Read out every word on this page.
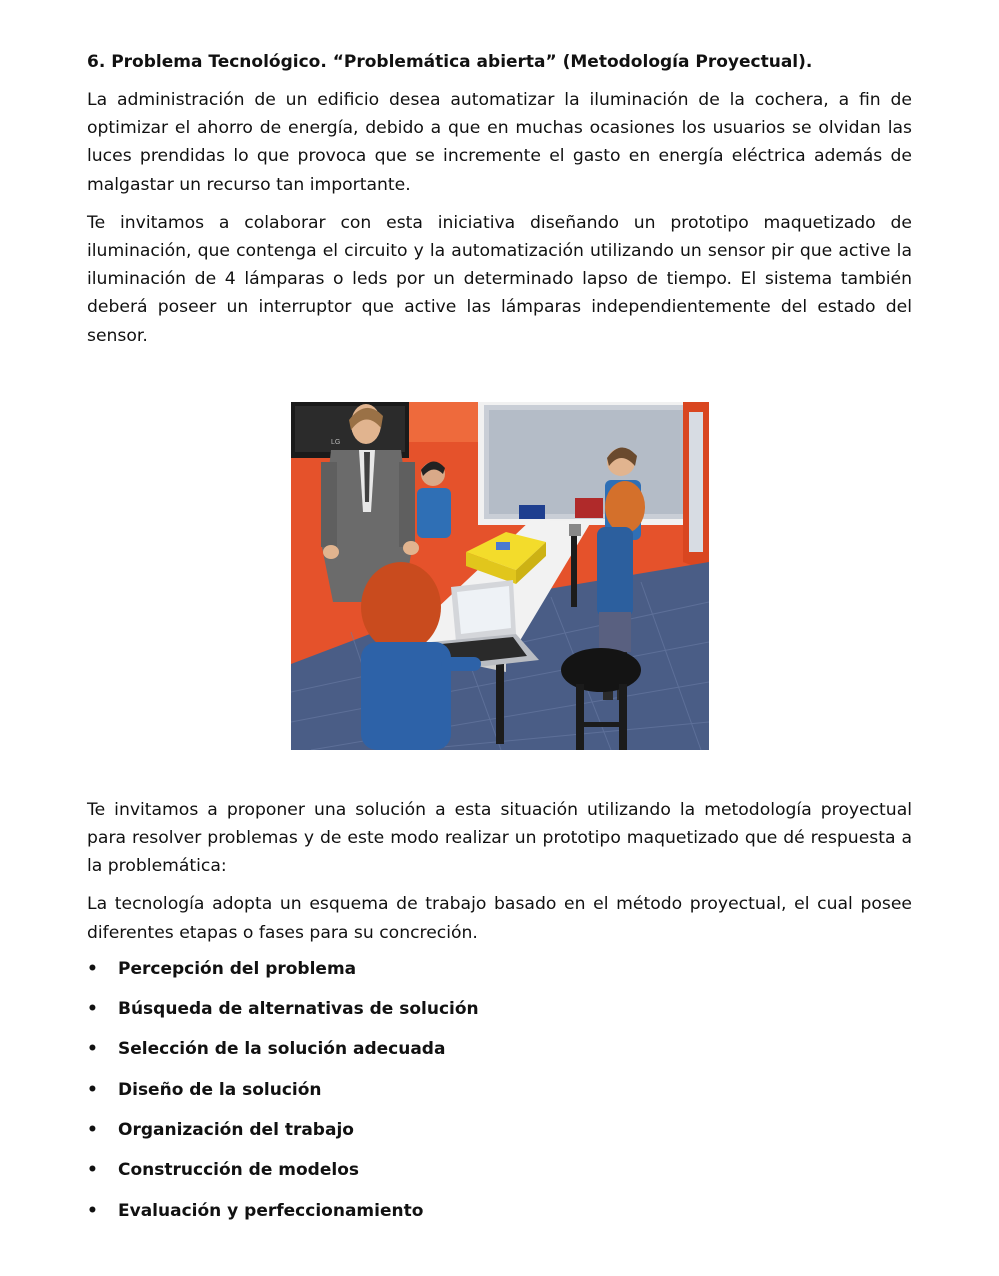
6. Problema Tecnológico. “Problemática abierta” (Metodología Proyectual).

La administración de un edificio desea automatizar la iluminación de la cochera, a fin de optimizar el ahorro de energía, debido a que en muchas ocasiones los usuarios se olvidan las luces prendidas lo que provoca que se incremente el gasto en energía eléctrica además de malgastar un recurso tan importante.

Te invitamos a colaborar con esta iniciativa diseñando un prototipo maquetizado de iluminación, que contenga el circuito y la automatización utilizando un sensor pir que active la iluminación de 4 lámparas o leds por un determinado lapso de tiempo. El sistema también deberá poseer un interruptor que active las lámparas independientemente del estado del sensor.

LG

Te invitamos a proponer una solución a esta situación utilizando la metodología proyectual para resolver problemas y de este modo realizar un prototipo maquetizado que dé respuesta a la problemática:

La tecnología adopta un esquema de trabajo basado en el método proyectual, el cual posee diferentes etapas o fases para su concreción.

• Percepción del problema
• Búsqueda de alternativas de solución
• Selección de la solución adecuada
• Diseño de la solución
• Organización del trabajo
• Construcción de modelos
• Evaluación y perfeccionamiento
